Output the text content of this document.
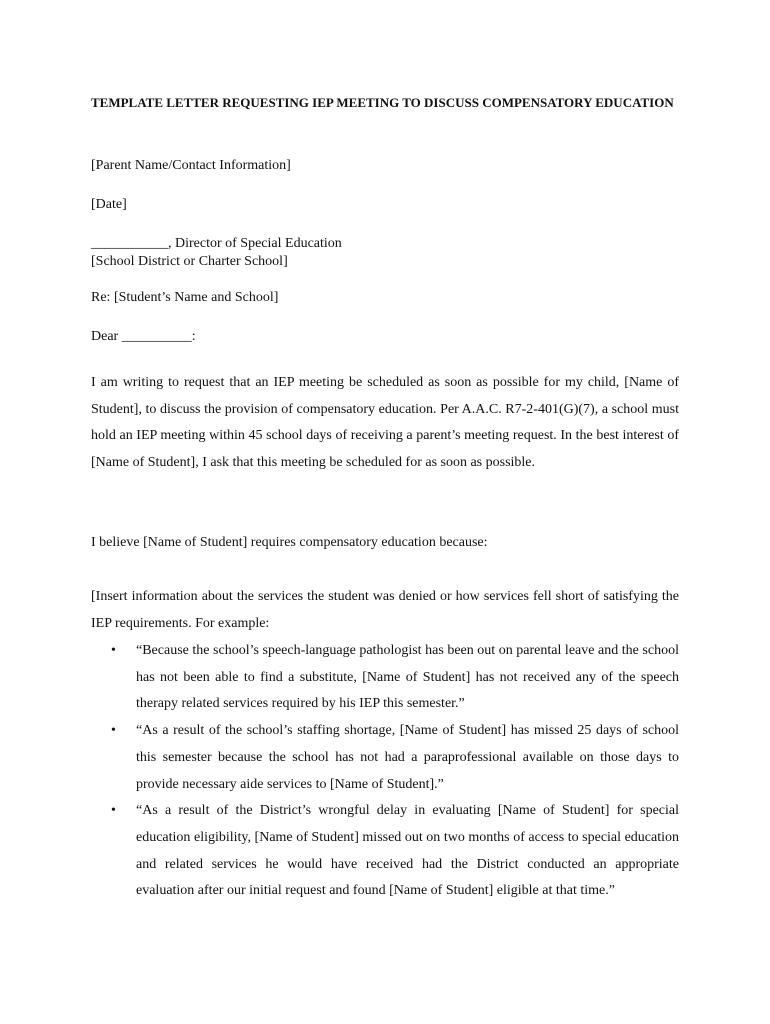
TEMPLATE LETTER REQUESTING IEP MEETING TO DISCUSS COMPENSATORY EDUCATION

[Parent Name/Contact Information]

[Date]

___________, Director of Special Education

[School District or Charter School]

Re: [Student’s Name and School]

Dear __________:

I am writing to request that an IEP meeting be scheduled as soon as possible for my child, [Name of Student], to discuss the provision of compensatory education. Per A.A.C. R7-2-401(G)(7), a school must hold an IEP meeting within 45 school days of receiving a parent’s meeting request. In the best interest of [Name of Student], I ask that this meeting be scheduled for as soon as possible.

I believe [Name of Student] requires compensatory education because:

[Insert information about the services the student was denied or how services fell short of satisfying the IEP requirements. For example:

• “Because the school’s speech-language pathologist has been out on parental leave and the school has not been able to find a substitute, [Name of Student] has not received any of the speech therapy related services required by his IEP this semester.”
• “As a result of the school’s staffing shortage, [Name of Student] has missed 25 days of school this semester because the school has not had a paraprofessional available on those days to provide necessary aide services to [Name of Student].”
• “As a result of the District’s wrongful delay in evaluating [Name of Student] for special education eligibility, [Name of Student] missed out on two months of access to special education and related services he would have received had the District conducted an appropriate evaluation after our initial request and found [Name of Student] eligible at that time.”
